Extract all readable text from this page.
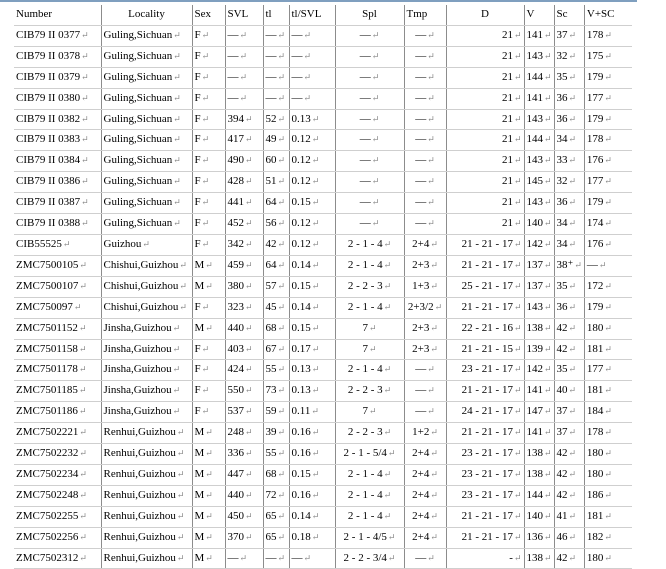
Number	Locality	Sex	SVL	tl	tl/SVL	Spl	Tmp	D	V	Sc	V+SC
CIB79 II 0377↵	Guling,Sichuan↵	F↵	—↵	—↵	—↵	—↵	—↵	21↵	141↵	37↵	178↵
CIB79 II 0378↵	Guling,Sichuan↵	F↵	—↵	—↵	—↵	—↵	—↵	21↵	143↵	32↵	175↵
CIB79 II 0379↵	Guling,Sichuan↵	F↵	—↵	—↵	—↵	—↵	—↵	21↵	144↵	35↵	179↵
CIB79 II 0380↵	Guling,Sichuan↵	F↵	—↵	—↵	—↵	—↵	—↵	21↵	141↵	36↵	177↵
CIB79 II 0382↵	Guling,Sichuan↵	F↵	394↵	52↵	0.13↵	—↵	—↵	21↵	143↵	36↵	179↵
CIB79 II 0383↵	Guling,Sichuan↵	F↵	417↵	49↵	0.12↵	—↵	—↵	21↵	144↵	34↵	178↵
CIB79 II 0384↵	Guling,Sichuan↵	F↵	490↵	60↵	0.12↵	—↵	—↵	21↵	143↵	33↵	176↵
CIB79 II 0386↵	Guling,Sichuan↵	F↵	428↵	51↵	0.12↵	—↵	—↵	21↵	145↵	32↵	177↵
CIB79 II 0387↵	Guling,Sichuan↵	F↵	441↵	64↵	0.15↵	—↵	—↵	21↵	143↵	36↵	179↵
CIB79 II 0388↵	Guling,Sichuan↵	F↵	452↵	56↵	0.12↵	—↵	—↵	21↵	140↵	34↵	174↵
CIB55525↵	Guizhou↵	F↵	342↵	42↵	0.12↵	2 - 1 - 4↵	2+4↵	21 - 21 - 17↵	142↵	34↵	176↵
ZMC7500105↵	Chishui,Guizhou↵	M↵	459↵	64↵	0.14↵	2 - 1 - 4↵	2+3↵	21 - 21 - 17↵	137↵	38⁺↵	—↵
ZMC7500107↵	Chishui,Guizhou↵	M↵	380↵	57↵	0.15↵	2 - 2 - 3↵	1+3↵	25 - 21 - 17↵	137↵	35↵	172↵
ZMC750097↵	Chishui,Guizhou↵	F↵	323↵	45↵	0.14↵	2 - 1 - 4↵	2+3/2↵	21 - 21 - 17↵	143↵	36↵	179↵
ZMC7501152↵	Jinsha,Guizhou↵	M↵	440↵	68↵	0.15↵	7↵	2+3↵	22 - 21 - 16↵	138↵	42↵	180↵
ZMC7501158↵	Jinsha,Guizhou↵	F↵	403↵	67↵	0.17↵	7↵	2+3↵	21 - 21 - 15↵	139↵	42↵	181↵
ZMC7501178↵	Jinsha,Guizhou↵	F↵	424↵	55↵	0.13↵	2 - 1 - 4↵	—↵	23 - 21 - 17↵	142↵	35↵	177↵
ZMC7501185↵	Jinsha,Guizhou↵	F↵	550↵	73↵	0.13↵	2 - 2 - 3↵	—↵	21 - 21 - 17↵	141↵	40↵	181↵
ZMC7501186↵	Jinsha,Guizhou↵	F↵	537↵	59↵	0.11↵	7↵	—↵	24 - 21 - 17↵	147↵	37↵	184↵
ZMC7502221↵	Renhui,Guizhou↵	M↵	248↵	39↵	0.16↵	2 - 2 - 3↵	1+2↵	21 - 21 - 17↵	141↵	37↵	178↵
ZMC7502232↵	Renhui,Guizhou↵	M↵	336↵	55↵	0.16↵	2 - 1 - 5/4↵	2+4↵	23 - 21 - 17↵	138↵	42↵	180↵
ZMC7502234↵	Renhui,Guizhou↵	M↵	447↵	68↵	0.15↵	2 - 1 - 4↵	2+4↵	23 - 21 - 17↵	138↵	42↵	180↵
ZMC7502248↵	Renhui,Guizhou↵	M↵	440↵	72↵	0.16↵	2 - 1 - 4↵	2+4↵	23 - 21 - 17↵	144↵	42↵	186↵
ZMC7502255↵	Renhui,Guizhou↵	M↵	450↵	65↵	0.14↵	2 - 1 - 4↵	2+4↵	21 - 21 - 17↵	140↵	41↵	181↵
ZMC7502256↵	Renhui,Guizhou↵	M↵	370↵	65↵	0.18↵	2 - 1 - 4/5↵	2+4↵	21 - 21 - 17↵	136↵	46↵	182↵
ZMC7502312↵	Renhui,Guizhou↵	M↵	—↵	—↵	—↵	2 - 2 - 3/4↵	—↵	-↵	138↵	42↵	180↵
